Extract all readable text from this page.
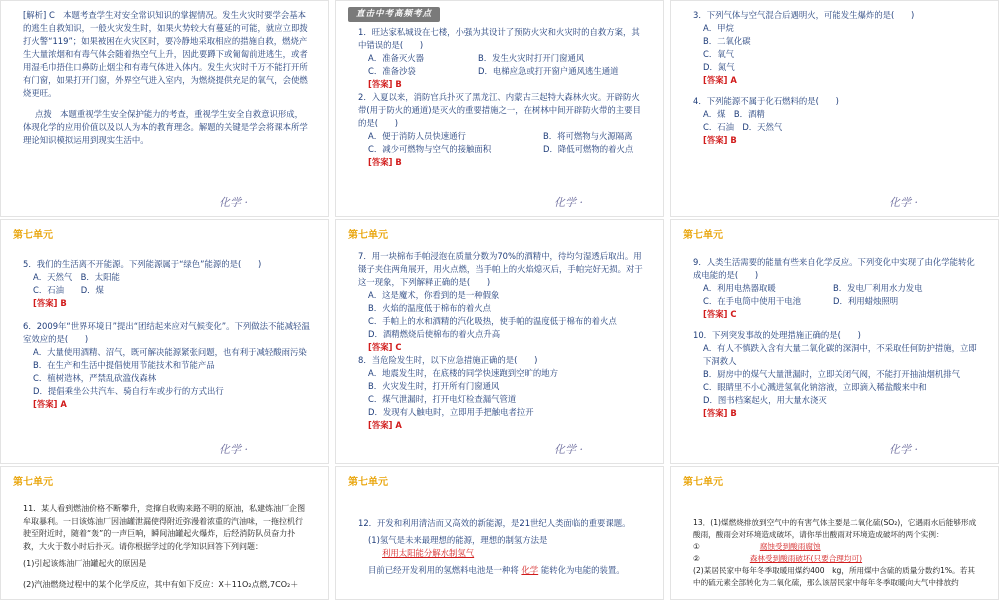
[解析] C　本题考查学生对安全常识知识的掌握情况。发生火灾时要学会基本的逃生自救知识，一般火灾发生时，如果火势较大有蔓延的可能，就应立即拨打火警“119”；如果被困在火灾区时，要冷静地采取相应的措施自救，燃烧产生大量浓烟和有毒气体会随着热空气上升，因此要蹲下或匍匐前进逃生，或者用湿毛巾捂住口鼻防止烟尘和有毒气体进入体内。发生火灾时千万不能打开所有门窗，如果打开门窗，外界空气进入室内，为燃烧提供充足的氧气，会使燃烧更旺。

点拨　本题重视学生安全保护能力的考查，重视学生安全自救意识形成，体现化学的应用价值以及以人为本的教育理念。解题的关键是学会将课本所学理论知识模拟运用到现实生活中。

化学 ·
直击中考高频考点

1．旺达家私城设在七楼，小强为其设计了预防火灾和火灾时的自救方案，其中错误的是(　　)

A．准备灭火器	B．发生火灾时打开门窗通风

C．准备沙袋	D．电梯应急或打开窗户通风逃生通道

[答案] B

2．入夏以来，消防官兵扑灭了黑龙江、内蒙古三起特大森林火灾。开辟防火带(用于防火的通道)是灭火的重要措施之一，在树林中间开辟防火带的主要目的是(　　)

A．便于消防人员快速通行	B．将可燃物与火源隔离

C．减少可燃物与空气的接触面积	D．降低可燃物的着火点

[答案] B

化学 ·

3．下列气体与空气混合后遇明火，可能发生爆炸的是(　　)

A．甲烷

B．二氧化碳

C．氧气

D．氮气

[答案] A

4．下列能源不属于化石燃料的是(　　)

A．煤　B．酒精

C．石油　D．天然气

[答案] B

化学 ·
第七单元

5．我们的生活离不开能源。下列能源属于“绿色”能源的是(　　)

A．天然气　B．太阳能

C．石油　　D．煤

[答案] B

6．2009年“世界环境日”提出“团结起来应对气候变化”。下列做法不能减轻温室效应的是(　　)

A．大量使用酒精、沼气，既可解决能源紧张问题，也有利于减轻酸雨污染

B．在生产和生活中提倡使用节能技术和节能产品

C．植树造林，严禁乱砍滥伐森林

D．提倡乘坐公共汽车、骑自行车或步行的方式出行

[答案] A

化学 ·
第七单元

7．用一块棉布手帕浸泡在质量分数为70%的酒精中，待均匀湿透后取出。用镊子夹住两角展开，用火点燃，当手帕上的火焰熄灭后，手帕完好无损。对于这一现象，下列解释正确的是(　　)

A．这是魔术，你看到的是一种假象

B．火焰的温度低于棉布的着火点

C．手帕上的水和酒精的汽化吸热，使手帕的温度低于棉布的着火点

D．酒精燃烧后使棉布的着火点升高

[答案] C

8．当危险发生时，以下应急措施正确的是(　　)

A．地震发生时，在底楼的同学快速跑到空旷的地方

B．火灾发生时，打开所有门窗通风

C．煤气泄漏时，打开电灯检查漏气管道

D．发现有人触电时，立即用手把触电者拉开

[答案] A

化学 ·
第七单元

9．人类生活需要的能量有些来自化学反应。下列变化中实现了由化学能转化成电能的是(　　)

A．利用电热器取暖	B．发电厂利用水力发电

C．在手电筒中使用干电池	D．利用蜡烛照明

[答案] C

10．下列突发事故的处理措施正确的是(　　)

A．有人不慎跌入含有大量二氧化碳的深洞中，不采取任何防护措施，立即下洞救人

B．厨房中的煤气大量泄漏时，立即关闭气阀，不能打开抽油烟机排气

C．眼睛里不小心溅进氢氧化钠溶液，立即滴入稀盐酸来中和

D．图书档案起火，用大量水浇灭

[答案] B

化学 ·
第七单元

11．某人看到燃油价格不断攀升，竞撺自收购来路不明的原油，私建炼油厂企图牟取暴利。一日该炼油厂因油罐泄漏使得附近弥漫着浓重的汽油味，一拖拉机行驶至附近时，随着“轰”的一声巨响，瞬间油罐起火爆炸，后经消防队员奋力扑救，大火于数小时后扑灭。请你根据学过的化学知识回答下列问题：

(1)引起该炼油厂油罐起火的原因是

(2)汽油燃烧过程中的某个化学反应，其中有如下反应：X＋11O₂点燃,7CO₂＋

第七单元

12．开发和利用清洁而又高效的新能源，是21世纪人类面临的重要课题。

(1)氢气是未来最理想的能源，理想的制氢方法是

利用太阳能分解水制氢气

目前已经开发利用的氢燃料电池是一种将 化学 能转化为电能的装置。

第七单元

13．(1)煤燃烧排放到空气中的有害气体主要是二氧化硫(SO₂)，它遇雨水后能够形成酸雨，酸雨会对环境造成破坏，请你举出酸雨对环境造成破坏的两个实例：

①	腐蚀受到酸雨腐蚀

②	森林受到酸雨破坏(只要合理均可)

(2)某居民家中每年冬季取暖用煤约400　kg，所用煤中含硫的质量分数约1%。若其中的硫元素全部转化为二氧化硫，那么该居民家中每年冬季取暖向大气中排放约
